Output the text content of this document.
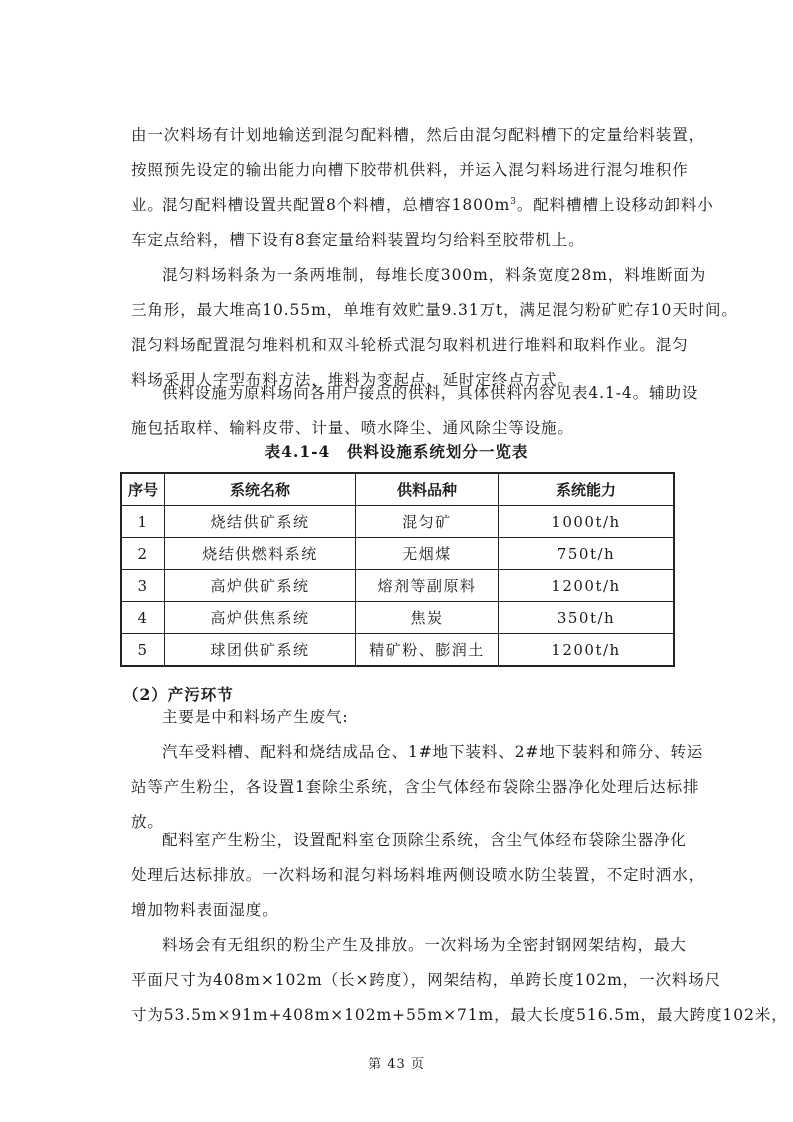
由一次料场有计划地输送到混匀配料槽，然后由混匀配料槽下的定量给料装置，
按照预先设定的输出能力向槽下胶带机供料，并运入混匀料场进行混匀堆积作
业。
混匀配料槽设置共配置8个料槽，总槽容$1800m^3$。配料槽槽上设移动卸料小
车定点给料，槽下设有8套定量给料装置均匀给料至胶带机上。
混匀料场料条为一条两堆制，每堆长度300m，料条宽度28m，料堆断面为
三角形，最大堆高10.55m，单堆有效贮量9.31万t，满足混匀粉矿贮存10天时间。
混匀料场配置混匀堆料机和双斗轮桥式混匀取料机进行堆料和取料作业。混匀
料场采用人字型布料方法，堆料为变起点、延时定终点方式。
供料设施为原料场向各用户接点的供料，具体供料内容见表4.1-4。辅助设
施包括取样、输料皮带、计量、喷水降尘、通风除尘等设施。
表4.1-4　供料设施系统划分一览表
序号	系统名称	供料品种	系统能力
1	烧结供矿系统	混匀矿	1000t/h
2	烧结供燃料系统	无烟煤	750t/h
3	高炉供矿系统	熔剂等副原料	1200t/h
4	高炉供焦系统	焦炭	350t/h
5	球团供矿系统	精矿粉、膨润土	1200t/h
（2）产污环节
主要是中和料场产生废气:
汽车受料槽、配料和烧结成品仓、1#地下装料、2#地下装料和筛分、转运
站等产生粉尘，各设置1套除尘系统，含尘气体经布袋除尘器净化处理后达标排
放。
配料室产生粉尘，设置配料室仓顶除尘系统，含尘气体经布袋除尘器净化
处理后达标排放。一次料场和混匀料场料堆两侧设喷水防尘装置，不定时洒水，
增加物料表面湿度。
料场会有无组织的粉尘产生及排放。一次料场为全密封钢网架结构，最大
平面尺寸为408m×102m（长×跨度），网架结构，单跨长度102m，一次料场尺
寸为53.5m×91m+408m×102m+55m×71m，最大长度516.5m，最大跨度102米，
第 43 页
